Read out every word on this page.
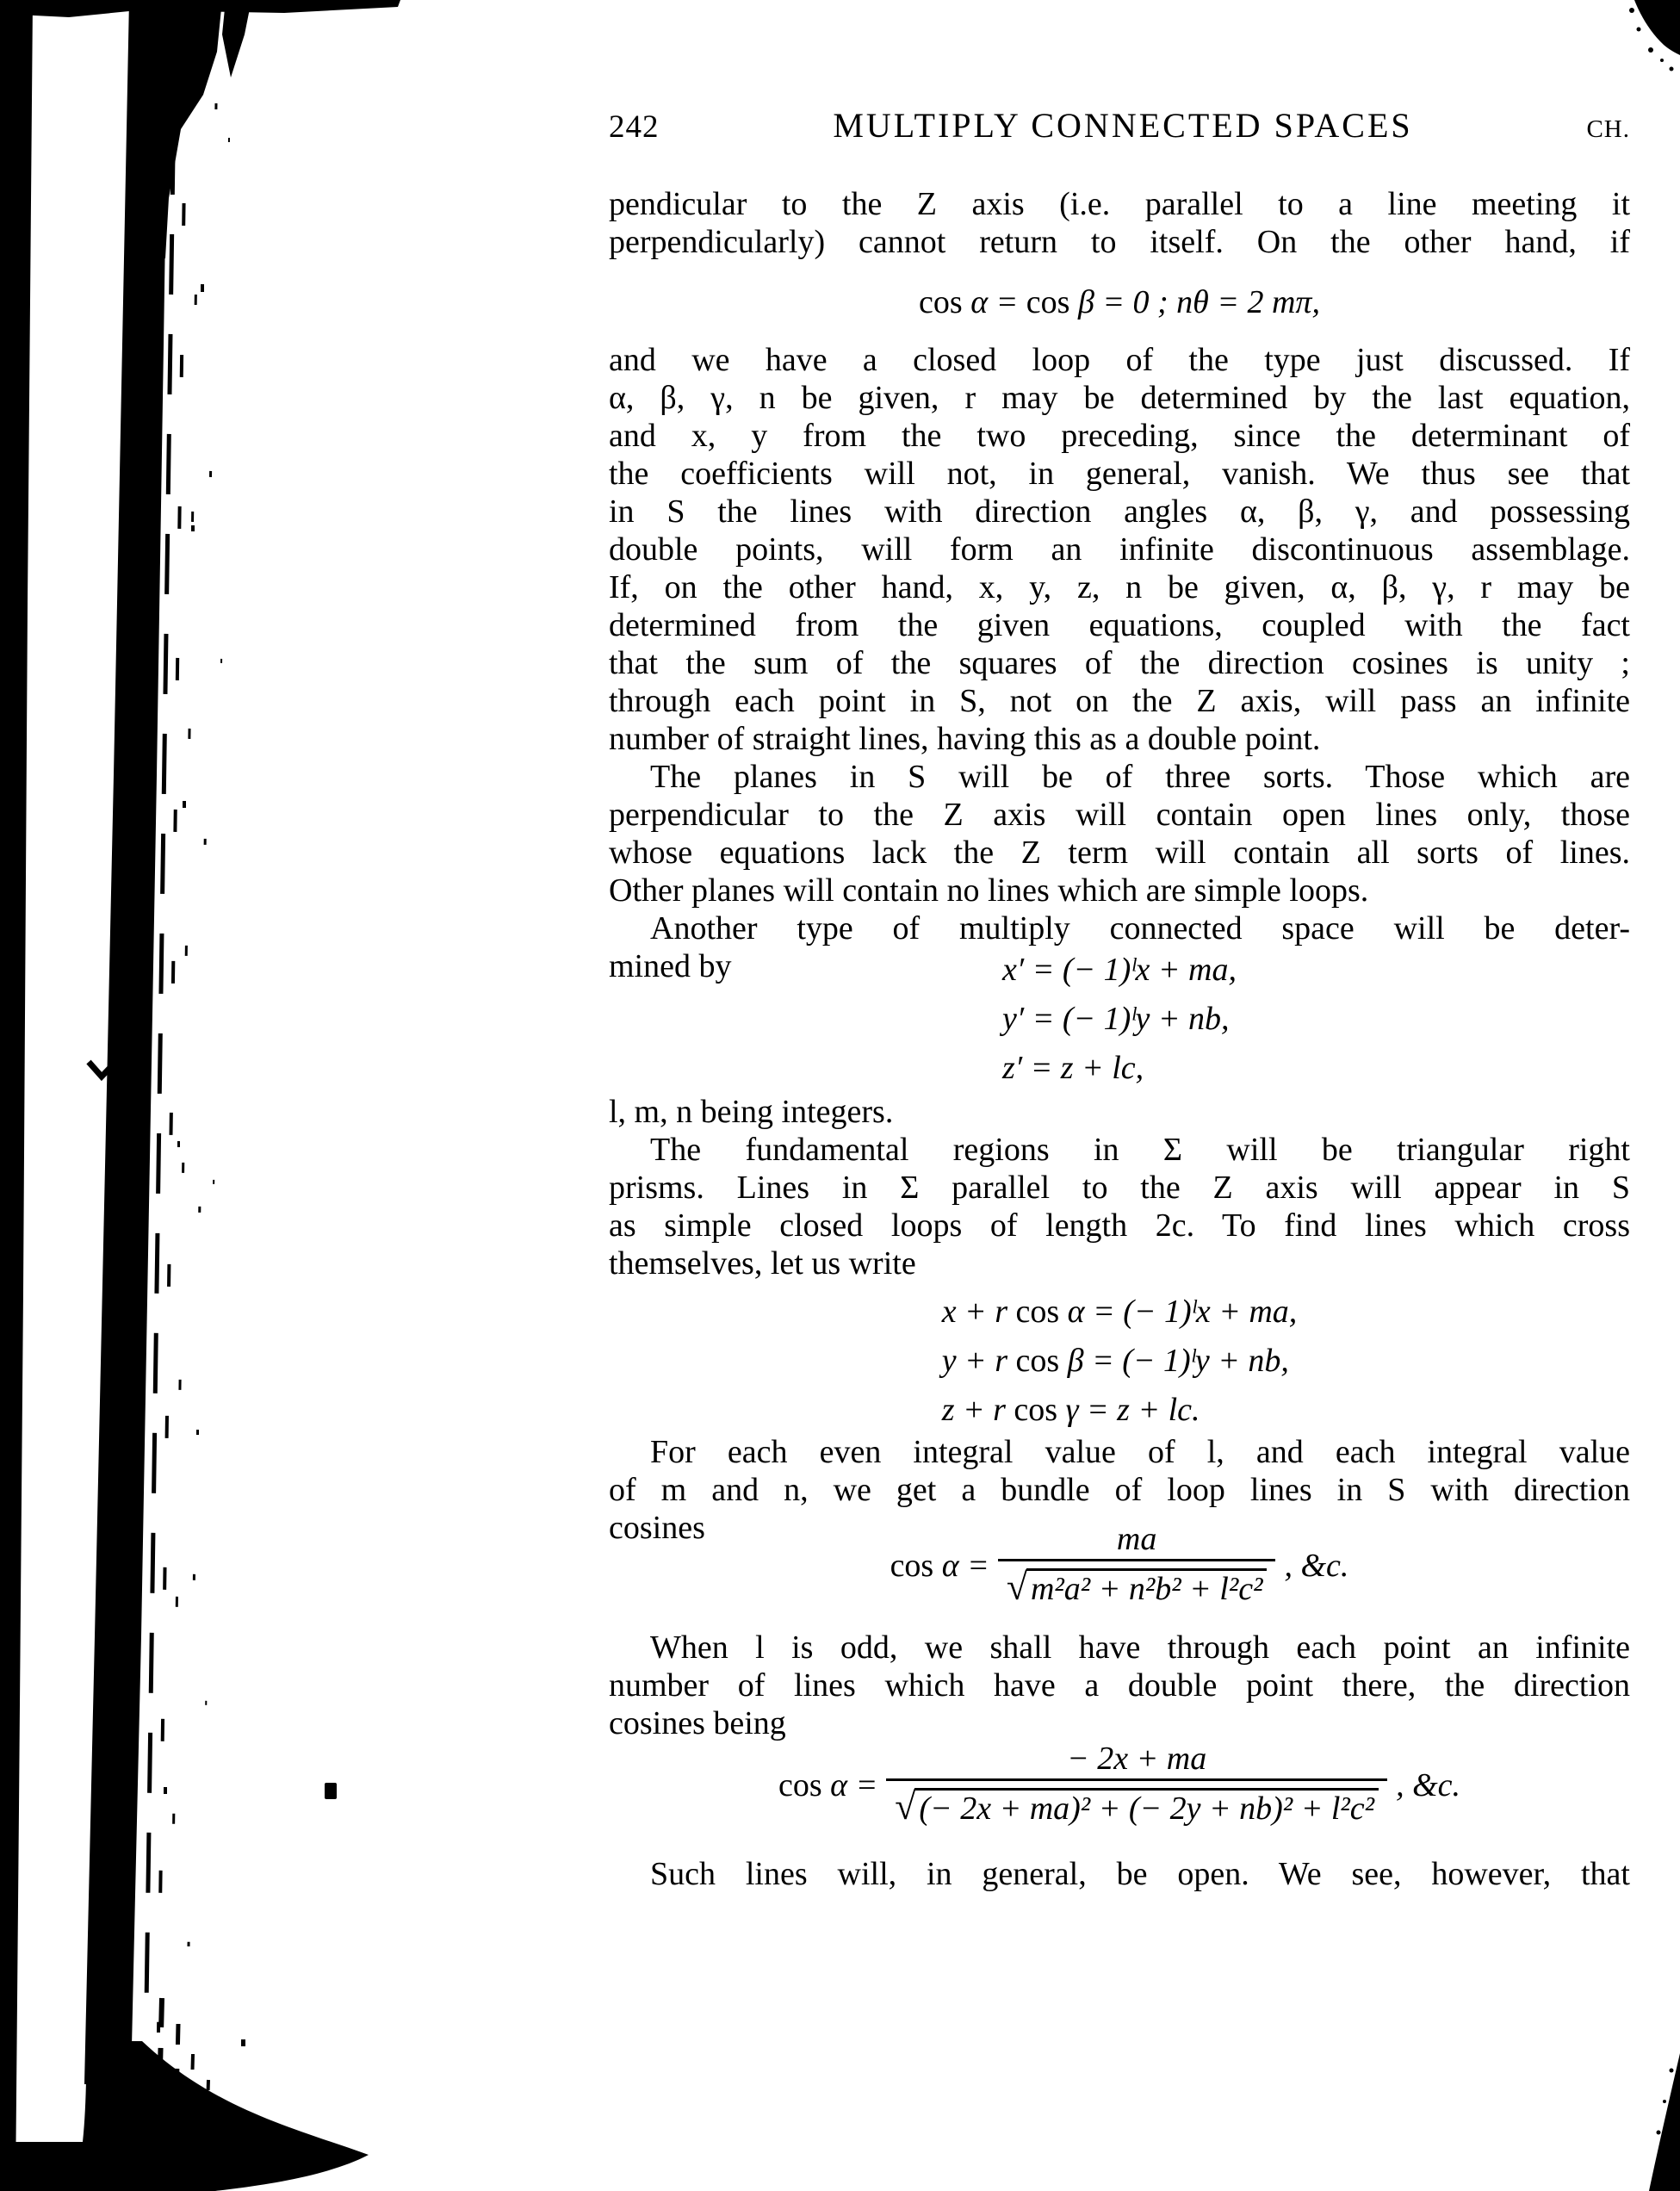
242	MULTIPLY CONNECTED SPACES	CH.
pendicular to the Z axis (i.e. parallel to a line meeting it
perpendicularly) cannot return to itself. On the other hand, if
cos α = cos β = 0 ; nθ = 2 mπ,
and we have a closed loop of the type just discussed. If
α, β, γ, n be given, r may be determined by the last equation,
and x, y from the two preceding, since the determinant of
the coefficients will not, in general, vanish. We thus see that
in S the lines with direction angles α, β, γ, and possessing
double points, will form an infinite discontinuous assemblage.
If, on the other hand, x, y, z, n be given, α, β, γ, r may be
determined from the given equations, coupled with the fact
that the sum of the squares of the direction cosines is unity ;
through each point in S, not on the Z axis, will pass an infinite
number of straight lines, having this as a double point.
The planes in S will be of three sorts. Those which are
perpendicular to the Z axis will contain open lines only, those
whose equations lack the Z term will contain all sorts of lines.
Other planes will contain no lines which are simple loops.
Another type of multiply connected space will be deter-
mined by	x′ = (− 1)ˡx + ma,
y′ = (− 1)ˡy + nb,
z′ = z + lc,
l, m, n being integers.
The fundamental regions in Σ will be triangular right
prisms. Lines in Σ parallel to the Z axis will appear in S
as simple closed loops of length 2c. To find lines which cross
themselves, let us write
x + r cos α = (− 1)ˡx + ma,
y + r cos β = (− 1)ˡy + nb,
z + r cos γ = z + lc.
For each even integral value of l, and each integral value
of m and n, we get a bundle of loop lines in S with direction
cosines
$\cos \alpha = \frac{ma}{\text{√ m²a² + n²b² + l²c²}}$ , &c.
When l is odd, we shall have through each point an infinite
number of lines which have a double point there, the direction
cosines being
$\cos \alpha = \frac{- 2x + ma}{\text{√ (− 2x + ma)² + (− 2y + nb)² + l²c²}}$ , &c.
Such lines will, in general, be open. We see, however, that
